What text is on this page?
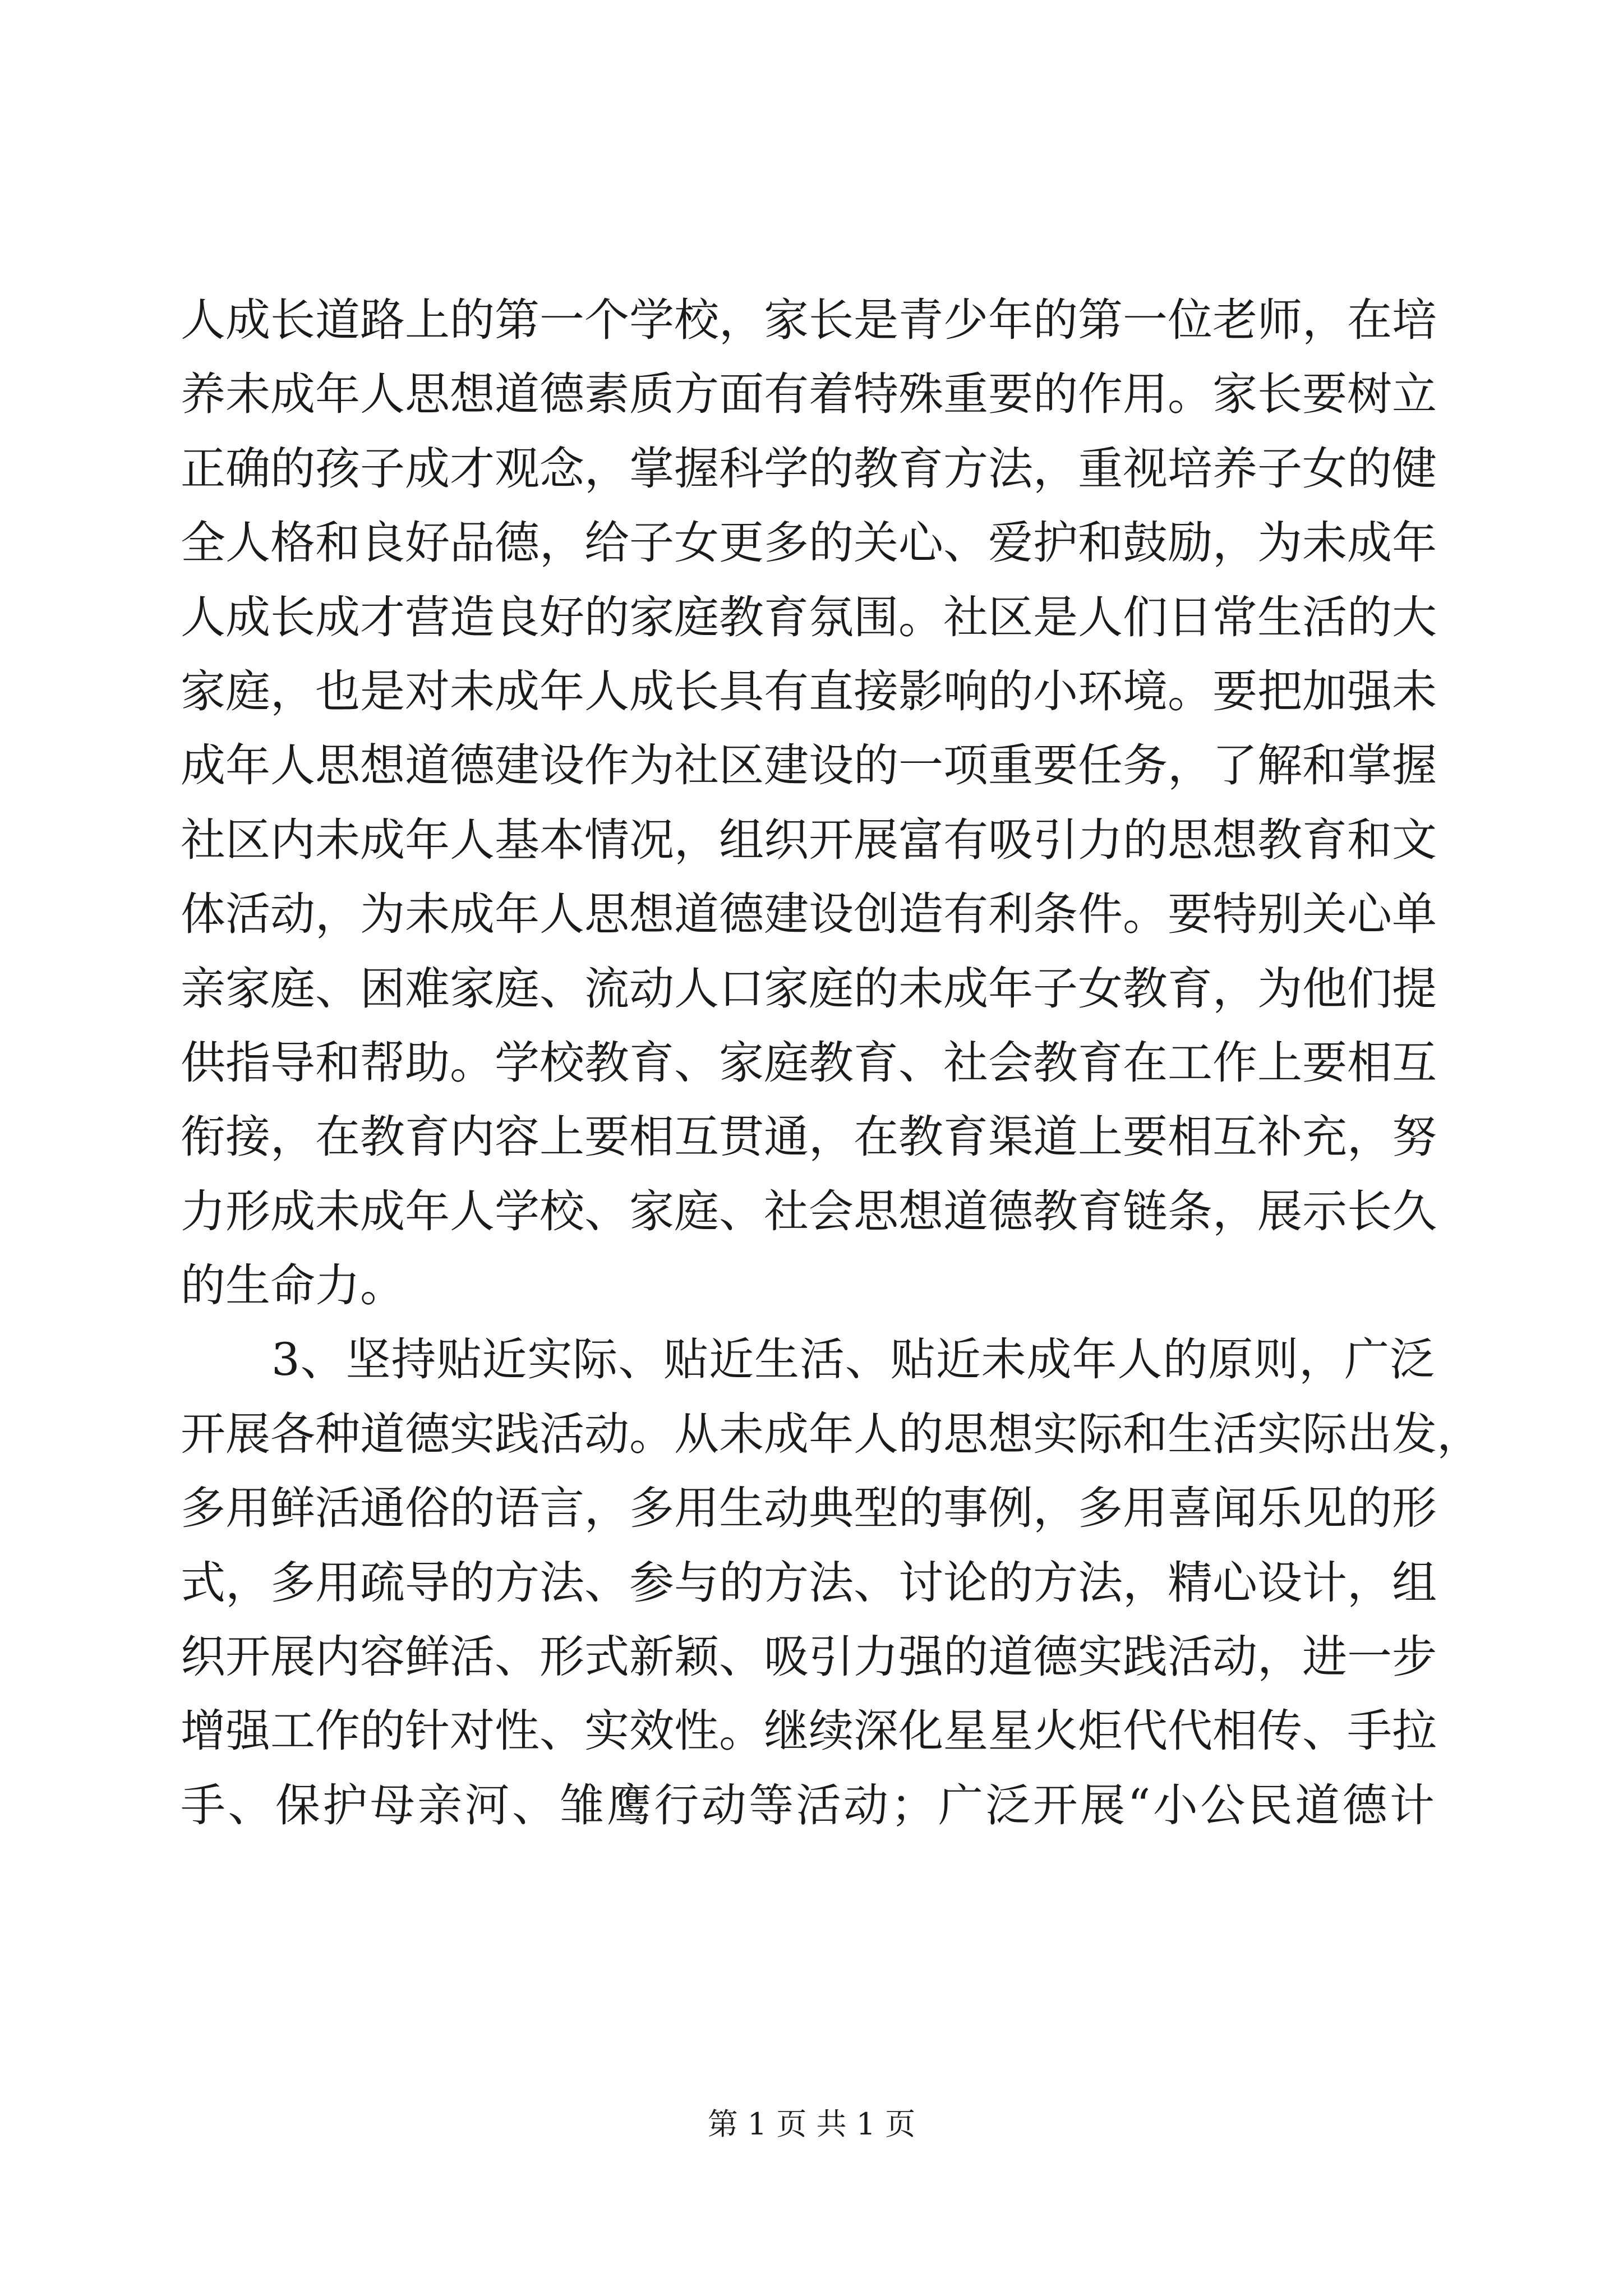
人成长道路上的第一个学校，家长是青少年的第一位老师，在培
养未成年人思想道德素质方面有着特殊重要的作用。家长要树立
正确的孩子成才观念，掌握科学的教育方法，重视培养子女的健
全人格和良好品德，给子女更多的关心、爱护和鼓励，为未成年
人成长成才营造良好的家庭教育氛围。社区是人们日常生活的大
家庭，也是对未成年人成长具有直接影响的小环境。要把加强未
成年人思想道德建设作为社区建设的一项重要任务，了解和掌握
社区内未成年人基本情况，组织开展富有吸引力的思想教育和文
体活动，为未成年人思想道德建设创造有利条件。要特别关心单
亲家庭、困难家庭、流动人口家庭的未成年子女教育，为他们提
供指导和帮助。学校教育、家庭教育、社会教育在工作上要相互
衔接，在教育内容上要相互贯通，在教育渠道上要相互补充，努
力形成未成年人学校、家庭、社会思想道德教育链条，展示长久
的生命力。
　　3、坚持贴近实际、贴近生活、贴近未成年人的原则，广泛
开展各种道德实践活动。从未成年人的思想实际和生活实际出发，
多用鲜活通俗的语言，多用生动典型的事例，多用喜闻乐见的形
式，多用疏导的方法、参与的方法、讨论的方法，精心设计，组
织开展内容鲜活、形式新颖、吸引力强的道德实践活动，进一步
增强工作的针对性、实效性。继续深化星星火炬代代相传、手拉
手、保护母亲河、雏鹰行动等活动；广泛开展“小公民道德计
第 1 页 共 1 页
